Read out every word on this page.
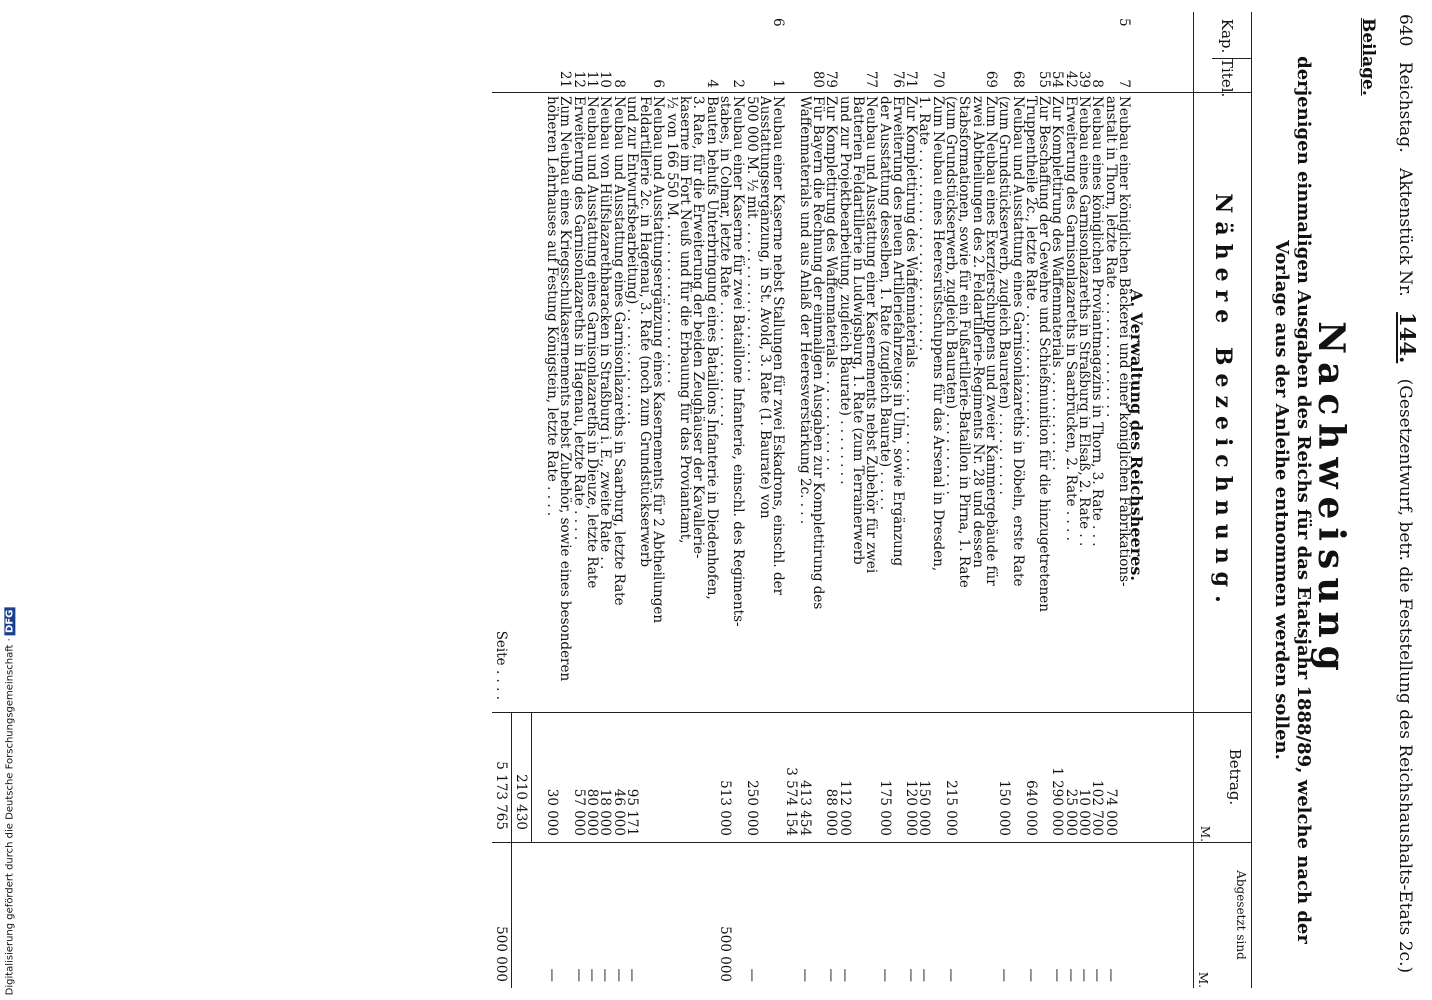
640 Reichstag. Aktenstück Nr. 144. (Gesetzentwurf, betr. die Feststellung des Reichshaushalts-Etats 2c.)
Beilage.
Nachweisung
derjenigen einmaligen Ausgaben des Reichs für das Etatsjahr 1888/89, welche nach der Vorlage aus der Anleihe entnommen werden sollen.
Kap.
Titel.
Nähere Bezeichnung.
Betrag.
M.
Abgesetzt sind
M.
A. Verwaltung des Reichsheeres.
5
7
Neubau einer königlichen Bäckerei und einer königlichen Fabrikations-
anstalt in Thorn, letzte Rate . . . . . . . . . . . . . . .
74 000
—
8
Neubau eines königlichen Proviantmagazins in Thorn, 3. Rate . . .
102 700
—
39
Neubau eines Garnisonlazareths in Straßburg in Elsaß, 2. Rate . .
10 000
—
42
Erweiterung des Garnisonlazareths in Saarbrücken, 2. Rate . . . .
25 000
—
54
Zur Komplettirung des Waffenmaterials . . . . . . . . . . . .
1 290 000
—
55
Zur Beschaffung der Gewehre und Schießmunition für die hinzugetretenen
Truppentheile 2c., letzte Rate . . . . . . . . . . . . . . . .
640 000
—
68
Neubau und Ausstattung eines Garnisonlazareths in Döbeln, erste Rate
(zum Grundstückserwerb, zugleich Bauraten) . . . . . . . . . .
150 000
—
69
Zum Neubau eines Exerzierschuppens und zweier Kammergebäude für
zwei Abtheilungen des 2. Feldartillerie-Regiments Nr. 28 und dessen
Stabsformationen, sowie für ein Fußartillerie-Bataillon in Pirna, 1. Rate
(zum Grundstückserwerb, zugleich Bauraten) . . . . . . . . . .
215 000
—
70
Zum Neubau eines Heeresrüstschuppens für das Arsenal in Dresden,
1. Rate . . . . . . . . . . . . . . . . . . . . . . . .
150 000
—
71
Zur Komplettirung des Waffenmaterials . . . . . . . . . . . .
120 000
—
76
Erweiterung des neuen Artilleriefahrzeugs in Ulm, sowie Ergänzung
der Ausstattung desselben, 1. Rate (zugleich Baurate) . . . . .
175 000
—
77
Neubau und Ausstattung einer Kasernements nebst Zubehör für zwei
Batterien Feldartillerie in Ludwigsburg, 1. Rate (zum Terrainerwerb
und zur Projektbearbeitung, zugleich Baurate) . . . . . . . .
112 000
—
79
Zur Komplettirung des Waffenmaterials . . . . . . . . . . . .
88 000
—
80
Für Bayern die Rechnung der einmaligen Ausgaben zur Komplettirung des
Waffenmaterials und aus Anlaß der Heeresverstärkung 2c. . . .
413 454
—
3 574 154
6
1
Neubau einer Kaserne nebst Stallungen für zwei Eskadrons, einschl. der
Ausstattungsergänzung, in St. Avold, 3. Rate (1. Baurate) von
500 000 M. ½ mit . . . . . . . . . . . . . . . . . . .
250 000
—
2
Neubau einer Kaserne für zwei Bataillone Infanterie, einschl. des Regiments-
stabes, in Colmar, letzte Rate . . . . . . . . . . . . . . .
513 000
500 000
4
Bauten behufs Unterbringung eines Bataillons Infanterie in Diedenhofen,
3. Rate, für die Erweiterung der beiden Zeughäuser der Kavallerie-
kaserne im Fort Neuß und für die Erbauung für das Proviantamt,
½ von 166 550 M. . . . . . . . . . . . . . . . . . . .
6
Neubau und Ausstattungsergänzung eines Kasernements für 2 Abtheilungen
Feldartillerie 2c. in Hagenau, 3. Rate (noch zum Grundstückserwerb
und zur Entwurfsbearbeitung) . . . . . . . . . . . . . .
95 171
—
8
Neubau und Ausstattung eines Garnisonlazareths in Saarburg, letzte Rate
46 000
—
10
Neubau von Hülfslazarethbaracken in Straßburg i. E., zweite Rate . .
18 000
—
11
Neubau und Ausstattung eines Garnisonlazareths in Dieuze, letzte Rate
80 000
—
12
Erweiterung des Garnisonlazareths in Hagenau, letzte Rate . . . .
57 000
—
21
Zum Neubau eines Kriegsschulkasernements nebst Zubehör, sowie eines besonderen
höheren Lehrhauses auf Festung Königstein, letzte Rate . . . .
30 000
—
210 430
Seite . . . .
5 173 765
500 000
Digitalisierung gefördert durch die Deutsche Forschungsgemeinschaft · DFG
